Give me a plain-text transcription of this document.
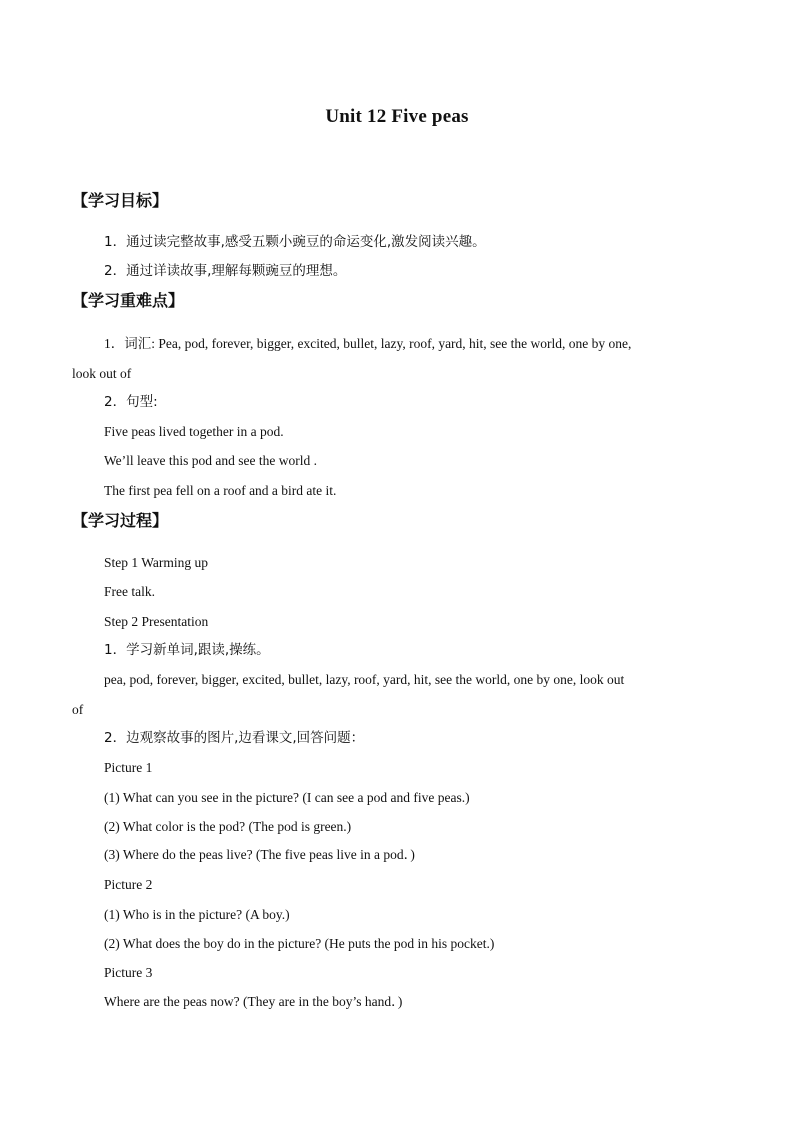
Unit 12 Five peas
【学习目标】
1．通过读完整故事,感受五颗小豌豆的命运变化,激发阅读兴趣。
2．通过详读故事,理解每颗豌豆的理想。
【学习重难点】
1．词汇: Pea, pod, forever, bigger, excited, bullet, lazy, roof, yard, hit, see the world, one by one,
look out of
2．句型:
Five peas lived together in a pod.
We’ll leave this pod and see the world .
The first pea fell on a roof and a bird ate it.
【学习过程】
Step 1 Warming up
Free talk.
Step 2 Presentation
1．学习新单词,跟读,操练。
pea, pod, forever, bigger, excited, bullet, lazy, roof, yard, hit, see the world, one by one, look out
of
2．边观察故事的图片,边看课文,回答问题：
Picture 1
(1) What can you see in the picture? (I can see a pod and five peas.)
(2) What color is the pod? (The pod is green.)
(3) Where do the peas live? (The five peas live in a pod．)
Picture 2
(1) Who is in the picture? (A boy.)
(2) What does the boy do in the picture? (He puts the pod in his pocket.)
Picture 3
Where are the peas now? (They are in the boy’s hand．)
